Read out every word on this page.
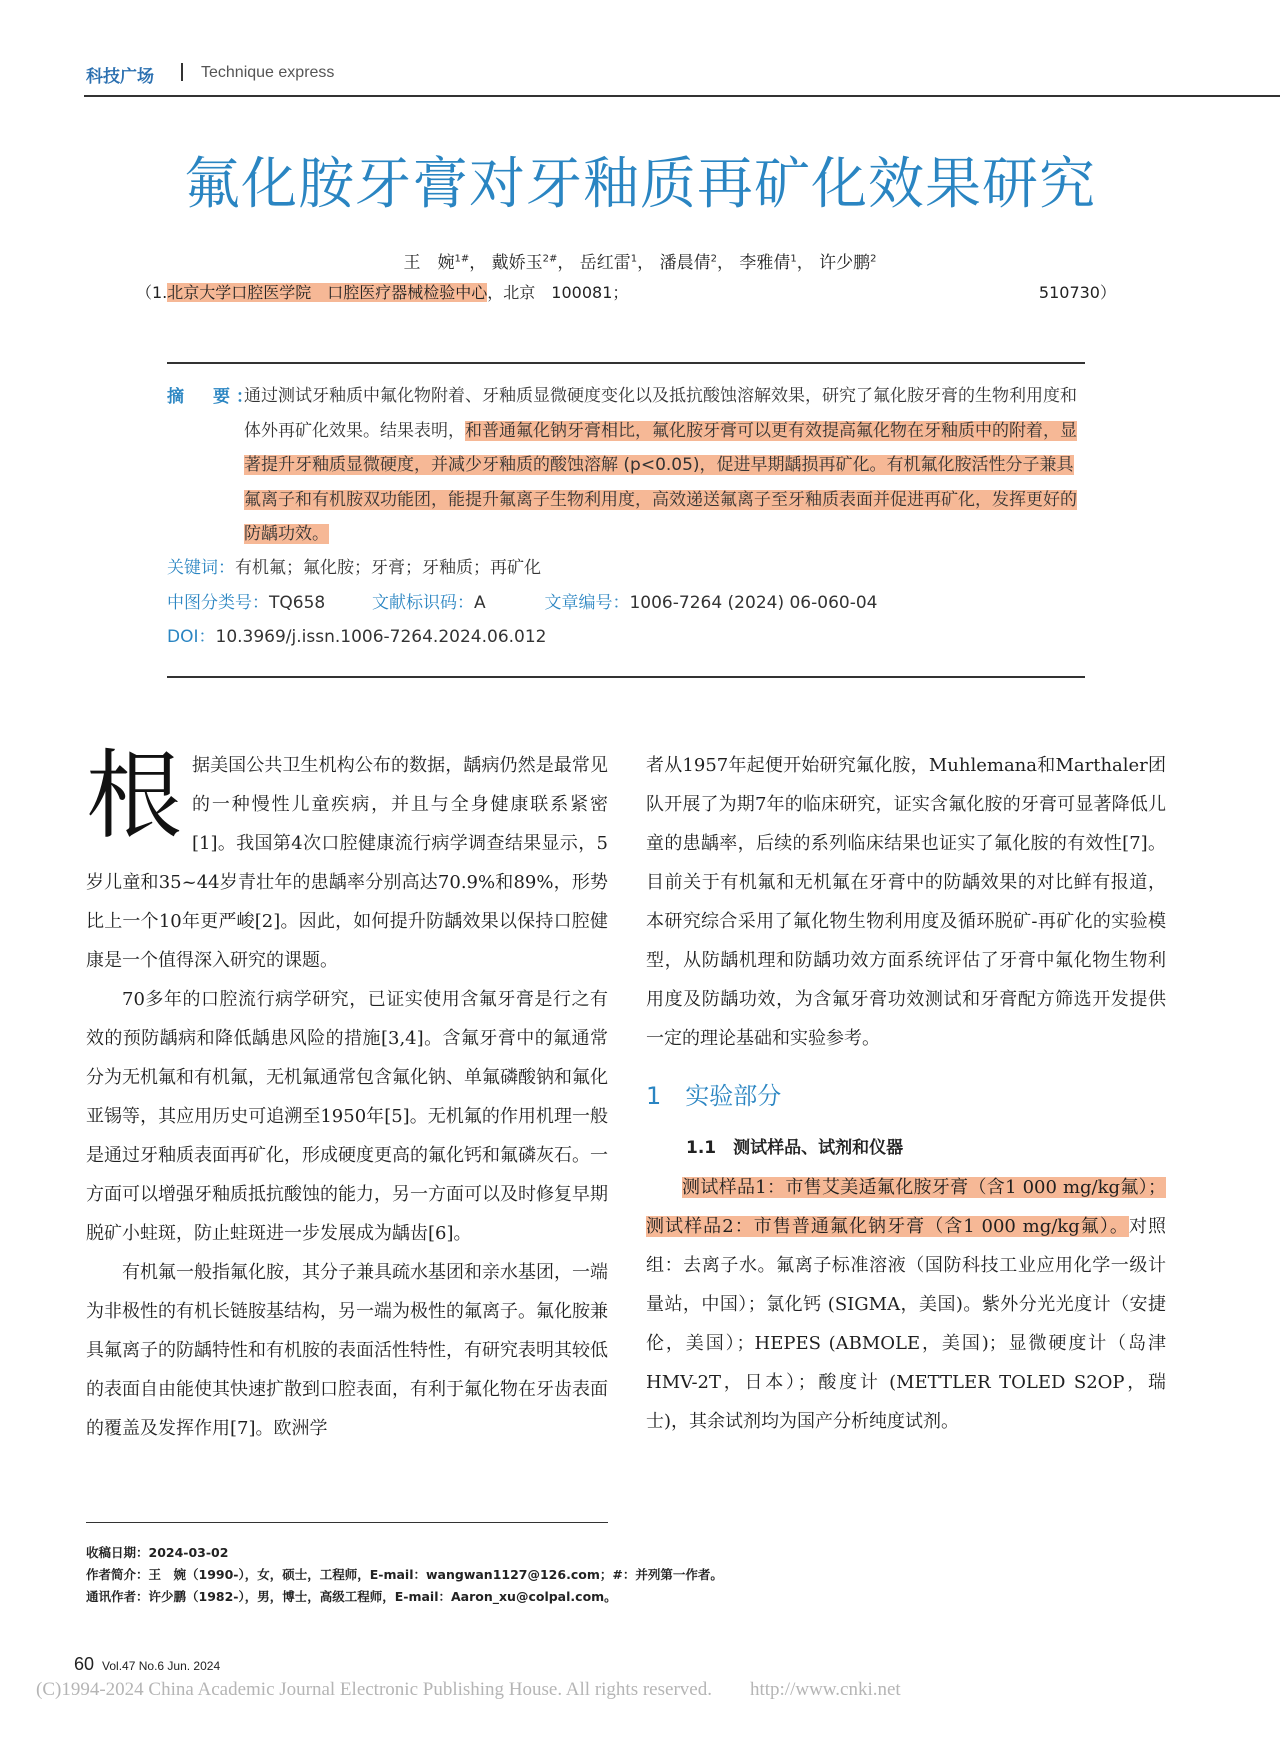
科技广场	Technique express
氟化胺牙膏对牙釉质再矿化效果研究
王　婉$^{1\#}$， 戴娇玉$^{2\#}$， 岳红雷$^1$， 潘晨倩$^2$， 李雅倩$^1$， 许少鹏$^2$
（1.北京大学口腔医学院　口腔医疗器械检验中心，北京　100081；	510730）
摘　要：
通过测试牙釉质中氟化物附着、牙釉质显微硬度变化以及抵抗酸蚀溶解效果，研究了氟化胺牙膏的生物利用度和体外再矿化效果。结果表明，和普通氟化钠牙膏相比，氟化胺牙膏可以更有效提高氟化物在牙釉质中的附着，显著提升牙釉质显微硬度，并减少牙釉质的酸蚀溶解 (p<0.05)，促进早期龋损再矿化。有机氟化胺活性分子兼具氟离子和有机胺双功能团，能提升氟离子生物利用度，高效递送氟离子至牙釉质表面并促进再矿化，发挥更好的防龋功效。
关键词：有机氟；氟化胺；牙膏；牙釉质；再矿化
中图分类号：TQ658	文献标识码：A	文章编号：1006-7264 (2024) 06-060-04
DOI：10.3969/j.issn.1006-7264.2024.06.012

根据美国公共卫生机构公布的数据，龋病仍然是最常见的一种慢性儿童疾病，并且与全身健康联系紧密[1]。我国第4次口腔健康流行病学调查结果显示，5岁儿童和35~44岁青壮年的患龋率分别高达70.9%和89%，形势比上一个10年更严峻[2]。因此，如何提升防龋效果以保持口腔健康是一个值得深入研究的课题。

70多年的口腔流行病学研究，已证实使用含氟牙膏是行之有效的预防龋病和降低龋患风险的措施[3,4]。含氟牙膏中的氟通常分为无机氟和有机氟，无机氟通常包含氟化钠、单氟磷酸钠和氟化亚锡等，其应用历史可追溯至1950年[5]。无机氟的作用机理一般是通过牙釉质表面再矿化，形成硬度更高的氟化钙和氟磷灰石。一方面可以增强牙釉质抵抗酸蚀的能力，另一方面可以及时修复早期脱矿小蛀斑，防止蛀斑进一步发展成为龋齿[6]。

有机氟一般指氟化胺，其分子兼具疏水基团和亲水基团，一端为非极性的有机长链胺基结构，另一端为极性的氟离子。氟化胺兼具氟离子的防龋特性和有机胺的表面活性特性，有研究表明其较低的表面自由能使其快速扩散到口腔表面，有利于氟化物在牙齿表面的覆盖及发挥作用[7]。欧洲学

者从1957年起便开始研究氟化胺，Muhlemana和Marthaler团队开展了为期7年的临床研究，证实含氟化胺的牙膏可显著降低儿童的患龋率，后续的系列临床结果也证实了氟化胺的有效性[7]。目前关于有机氟和无机氟在牙膏中的防龋效果的对比鲜有报道，本研究综合采用了氟化物生物利用度及循环脱矿-再矿化的实验模型，从防龋机理和防龋功效方面系统评估了牙膏中氟化物生物利用度及防龋功效，为含氟牙膏功效测试和牙膏配方筛选开发提供一定的理论基础和实验参考。

1　实验部分
1.1　测试样品、试剂和仪器

测试样品1：市售艾美适氟化胺牙膏（含1 000 mg/kg氟）；测试样品2：市售普通氟化钠牙膏（含1 000 mg/kg氟）。对照组：去离子水。氟离子标准溶液（国防科技工业应用化学一级计量站，中国）；氯化钙 (SIGMA，美国)。紫外分光光度计（安捷伦，美国）；HEPES (ABMOLE，美国)；显微硬度计（岛津 HMV-2T，日本）；酸度计 (METTLER TOLED S2OP，瑞士)，其余试剂均为国产分析纯度试剂。

收稿日期：2024-03-02
作者简介：王　婉（1990-），女，硕士，工程师，E-mail：wangwan1127@126.com；#：并列第一作者。
通讯作者：许少鹏（1982-），男，博士，高级工程师，E-mail：Aaron_xu@colpal.com。
60 Vol.47 No.6 Jun. 2024
(C)1994-2024 China Academic Journal Electronic Publishing House. All rights reserved.　　http://www.cnki.net
